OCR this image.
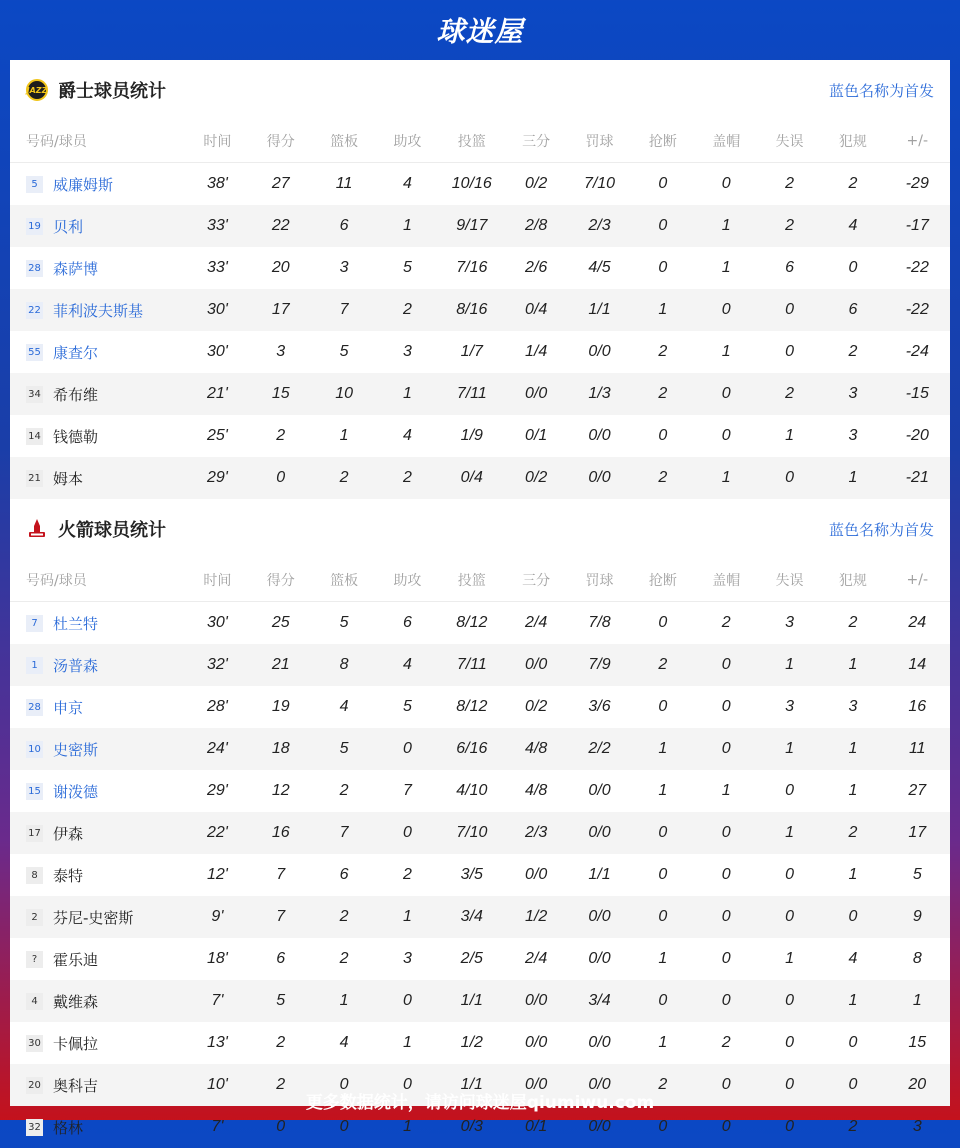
球迷屋
JAZZ 爵士球员统计	蓝色名称为首发
号码/球员	时间	得分	篮板	助攻	投篮	三分	罚球	抢断	盖帽	失误	犯规	+/-
5 威廉姆斯	38'	27	11	4	10/16	0/2	7/10	0	0	2	2	-29
19 贝利	33'	22	6	1	9/17	2/8	2/3	0	1	2	4	-17
28 森萨博	33'	20	3	5	7/16	2/6	4/5	0	1	6	0	-22
22 菲利波夫斯基	30'	17	7	2	8/16	0/4	1/1	1	0	0	6	-22
55 康查尔	30'	3	5	3	1/7	1/4	0/0	2	1	0	2	-24
34 希布维	21'	15	10	1	7/11	0/0	1/3	2	0	2	3	-15
14 钱德勒	25'	2	1	4	1/9	0/1	0/0	0	0	1	3	-20
21 姆本	29'	0	2	2	0/4	0/2	0/0	2	1	0	1	-21
火箭球员统计	蓝色名称为首发
号码/球员	时间	得分	篮板	助攻	投篮	三分	罚球	抢断	盖帽	失误	犯规	+/-
7 杜兰特	30'	25	5	6	8/12	2/4	7/8	0	2	3	2	24
1 汤普森	32'	21	8	4	7/11	0/0	7/9	2	0	1	1	14
28 申京	28'	19	4	5	8/12	0/2	3/6	0	0	3	3	16
10 史密斯	24'	18	5	0	6/16	4/8	2/2	1	0	1	1	11
15 谢泼德	29'	12	2	7	4/10	4/8	0/0	1	1	0	1	27
17 伊森	22'	16	7	0	7/10	2/3	0/0	0	0	1	2	17
8 泰特	12'	7	6	2	3/5	0/0	1/1	0	0	0	1	5
2 芬尼-史密斯	9'	7	2	1	3/4	1/2	0/0	0	0	0	0	9
? 霍乐迪	18'	6	2	3	2/5	2/4	0/0	1	0	1	4	8
4 戴维森	7'	5	1	0	1/1	0/0	3/4	0	0	0	1	1
30 卡佩拉	13'	2	4	1	1/2	0/0	0/0	1	2	0	0	15
20 奥科吉	10'	2	0	0	1/1	0/0	0/0	2	0	0	0	20
32 格林	7'	0	0	1	0/3	0/1	0/0	0	0	0	2	3
更多数据统计，请访问球迷屋qiumiwu.com
